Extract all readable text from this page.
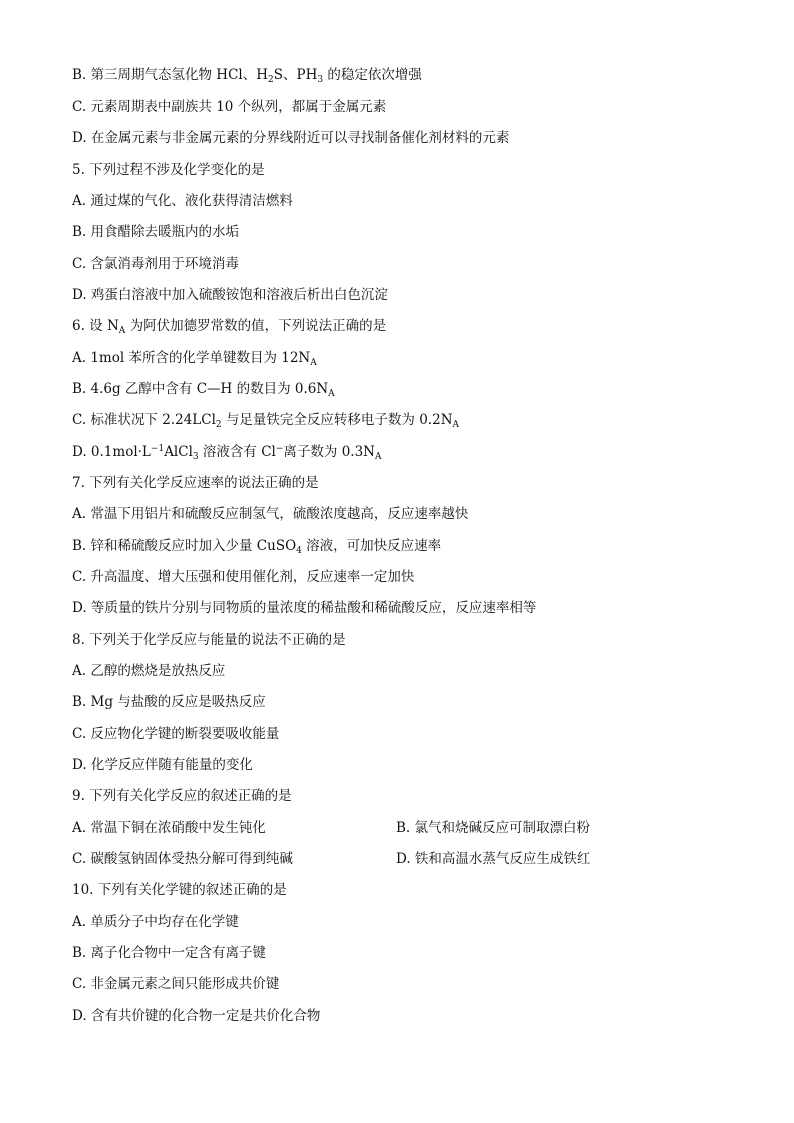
B. 第三周期气态氢化物 HCl、$H_2S$、$PH_3$ 的稳定依次增强
C. 元素周期表中副族共 10 个纵列，都属于金属元素
D. 在金属元素与非金属元素的分界线附近可以寻找制备催化剂材料的元素
5. 下列过程不涉及化学变化的是
A. 通过煤的气化、液化获得清洁燃料
B. 用食醋除去暖瓶内的水垢
C. 含氯消毒剂用于环境消毒
D. 鸡蛋白溶液中加入硫酸铵饱和溶液后析出白色沉淀
6. 设 $N_A$ 为阿伏加德罗常数的值，下列说法正确的是
A. 1mol 苯所含的化学单键数目为 $12N_A$
B. 4.6g 乙醇中含有 C—H 的数目为 $0.6N_A$
C. 标准状况下 2.24LCl$_2$ 与足量铁完全反应转移电子数为 $0.2N_A$
D. $0.1mol\cdot L^{-1}AlCl_3$ 溶液含有 Cl−离子数为 $0.3N_A$
7. 下列有关化学反应速率的说法正确的是
A. 常温下用铝片和硫酸反应制氢气，硫酸浓度越高，反应速率越快
B. 锌和稀硫酸反应时加入少量 CuSO$_4$ 溶液，可加快反应速率
C. 升高温度、增大压强和使用催化剂，反应速率一定加快
D. 等质量的铁片分别与同物质的量浓度的稀盐酸和稀硫酸反应，反应速率相等
8. 下列关于化学反应与能量的说法不正确的是
A. 乙醇的燃烧是放热反应
B. Mg 与盐酸的反应是吸热反应
C. 反应物化学键的断裂要吸收能量
D. 化学反应伴随有能量的变化
9. 下列有关化学反应的叙述正确的是
A. 常温下铜在浓硝酸中发生钝化	B. 氯气和烧碱反应可制取漂白粉
C. 碳酸氢钠固体受热分解可得到纯碱	D. 铁和高温水蒸气反应生成铁红
10. 下列有关化学键的叙述正确的是
A. 单质分子中均存在化学键
B. 离子化合物中一定含有离子键
C. 非金属元素之间只能形成共价键
D. 含有共价键的化合物一定是共价化合物
